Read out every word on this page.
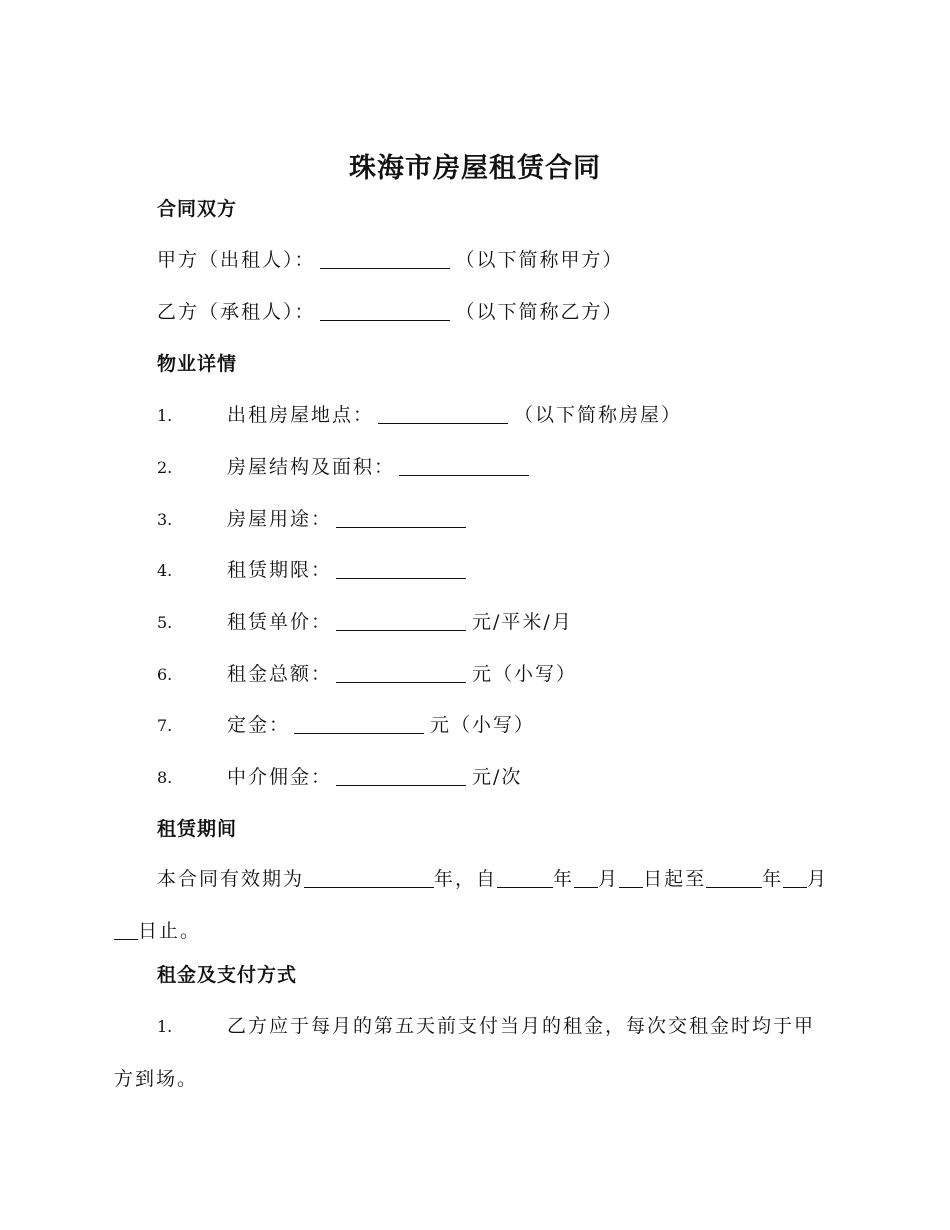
珠海市房屋租赁合同
合同双方
甲方（出租人）：	（以下简称甲方）
乙方（承租人）：	（以下简称乙方）
物业详情
1.	出租房屋地点：	（以下简称房屋）
2.	房屋结构及面积：
3.	房屋用途：
4.	租赁期限：
5.	租赁单价：	元/平米/月
6.	租金总额：	元（小写）
7.	定金：	元（小写）
8.	中介佣金：	元/次
租赁期间
本合同有效期为	年，自	年 月 日起至	年 月日止。
租金及支付方式
1.	乙方应于每月的第五天前支付当月的租金，每次交租金时均于甲方到场。
